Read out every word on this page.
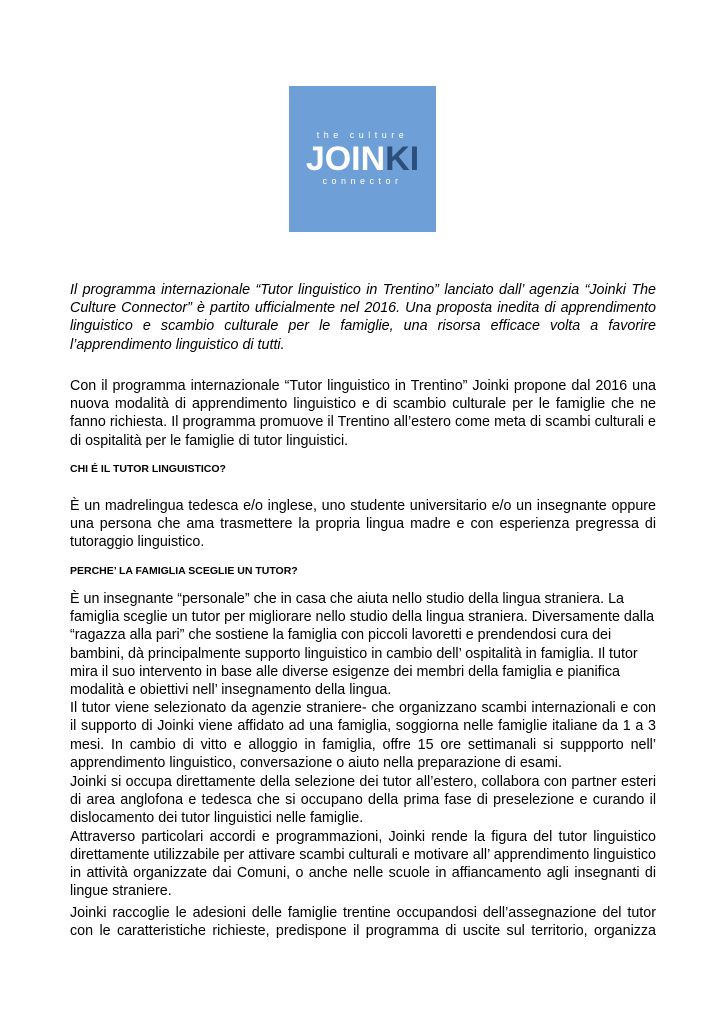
the culture
JOINKI
connector
Il programma internazionale “Tutor linguistico in Trentino” lanciato dall’ agenzia “Joinki The Culture Connector” è partito ufficialmente nel 2016. Una proposta inedita di apprendimento linguistico e scambio culturale per le famiglie, una risorsa efficace volta a favorire l’apprendimento linguistico di tutti.
Con il programma internazionale “Tutor linguistico in Trentino” Joinki propone dal 2016 una nuova modalità di apprendimento linguistico e di scambio culturale per le famiglie che ne fanno richiesta. Il programma promuove il Trentino all’estero come meta di scambi culturali e di ospitalità per le famiglie di tutor linguistici.
CHI É IL TUTOR LINGUISTICO?
È un madrelingua tedesca e/o inglese, uno studente universitario e/o un insegnante oppure una persona che ama trasmettere la propria lingua madre e con esperienza pregressa di tutoraggio linguistico.
PERCHE’ LA FAMIGLIA SCEGLIE UN TUTOR?
È un insegnante “personale” che in casa che aiuta nello studio della lingua straniera. La famiglia sceglie un tutor per migliorare nello studio della lingua straniera. Diversamente dalla “ragazza alla pari” che sostiene la famiglia con piccoli lavoretti e prendendosi cura dei bambini, dà principalmente supporto linguistico in cambio dell’ ospitalità in famiglia. Il tutor mira il suo intervento in base alle diverse esigenze dei membri della famiglia e pianifica modalità e obiettivi nell’ insegnamento della lingua.
Il tutor viene selezionato da agenzie straniere- che organizzano scambi internazionali e con il supporto di Joinki viene affidato ad una famiglia, soggiorna nelle famiglie italiane da 1 a 3 mesi. In cambio di vitto e alloggio in famiglia, offre 15 ore settimanali si suppporto nell’ apprendimento linguistico, conversazione o aiuto nella preparazione di esami.
Joinki si occupa direttamente della selezione dei tutor all’estero, collabora con partner esteri di area anglofona e tedesca che si occupano della prima fase di preselezione e curando il dislocamento dei tutor linguistici nelle famiglie.
Attraverso particolari accordi e programmazioni, Joinki rende la figura del tutor linguistico direttamente utilizzabile per attivare scambi culturali e motivare all’ apprendimento linguistico in attività organizzate dai Comuni, o anche nelle scuole in affiancamento agli insegnanti di lingue straniere.
Joinki raccoglie le adesioni delle famiglie trentine occupandosi dell’assegnazione del tutor
con le caratteristiche richieste, predispone il programma di uscite sul territorio, organizza
